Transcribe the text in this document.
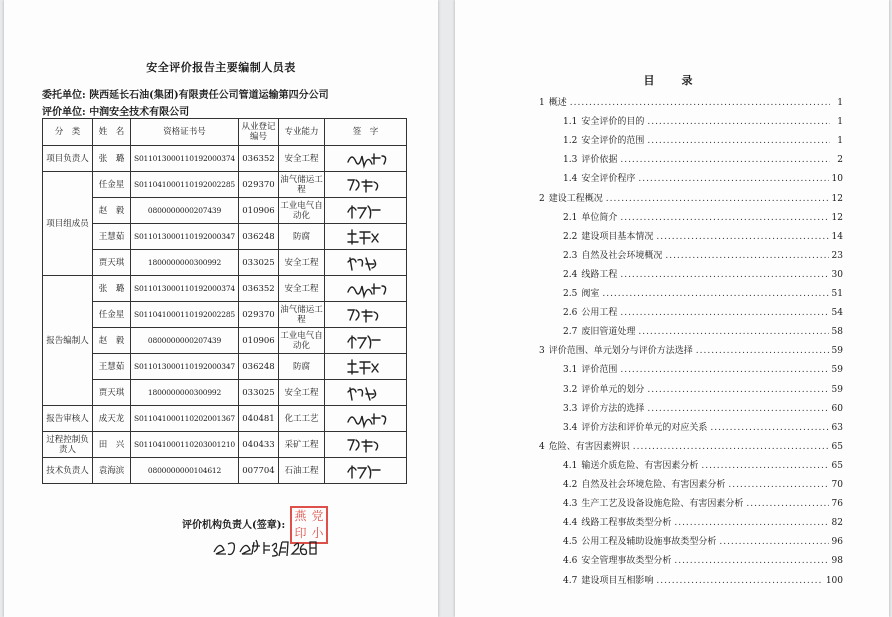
安全评价报告主要编制人员表
委托单位: 陕西延长石油(集团)有限责任公司管道运输第四分公司
评价单位: 中润安全技术有限公司
分　类	姓　名	资格证书号	从业登记编号	专业能力	签　字
项目负责人	张　璐	S011013000110192000374	036352	安全工程	

项目组成员	任金星	S011041000110192002285	029370	油气储运工程	

	赵　毅	0800000000207439	010906	工业电气自动化	

	王慧茹	S011013000110192000347	036248	防腐	

	贾天琪	1800000000300992	033025	安全工程	

报告编制人	张　璐	S011013000110192000374	036352	安全工程	

	任金星	S011041000110192002285	029370	油气储运工程	

	赵　毅	0800000000207439	010906	工业电气自动化	

	王慧茹	S011013000110192000347	036248	防腐	

	贾天琪	1800000000300992	033025	安全工程	

报告审核人	成天龙	S011041000110202001367	040481	化工工艺	

过程控制负责人	田　兴	S011041000110203001210	040433	采矿工程	

技术负责人	袁海滨	0800000000104612	007704	石油工程	
评价机构负责人(签章):
燕 党
印 小
目　录
1 概述 .....	1
1.1 安全评价的目的 .....	1
1.2 安全评价的范围 .....	1
1.3 评价依据 .....	2
1.4 安全评价程序 .....	10
2 建设工程概况 .....	12
2.1 单位简介 .....	12
2.2 建设项目基本情况 .....	14
2.3 自然及社会环境概况 .....	23
2.4 线路工程 .....	30
2.5 阀室 .....	51
2.6 公用工程 .....	54
2.7 废旧管道处理 .....	58
3 评价范围、单元划分与评价方法选择 .....	59
3.1 评价范围 .....	59
3.2 评价单元的划分 .....	59
3.3 评价方法的选择 .....	60
3.4 评价方法和评价单元的对应关系 .....	63
4 危险、有害因素辨识 .....	65
4.1 输送介质危险、有害因素分析 .....	65
4.2 自然及社会环境危险、有害因素分析 .....	70
4.3 生产工艺及设备设施危险、有害因素分析 .....	76
4.4 线路工程事故类型分析 .....	82
4.5 公用工程及辅助设施事故类型分析 .....	96
4.6 安全管理事故类型分析 .....	98
4.7 建设项目互相影响 .....	100
